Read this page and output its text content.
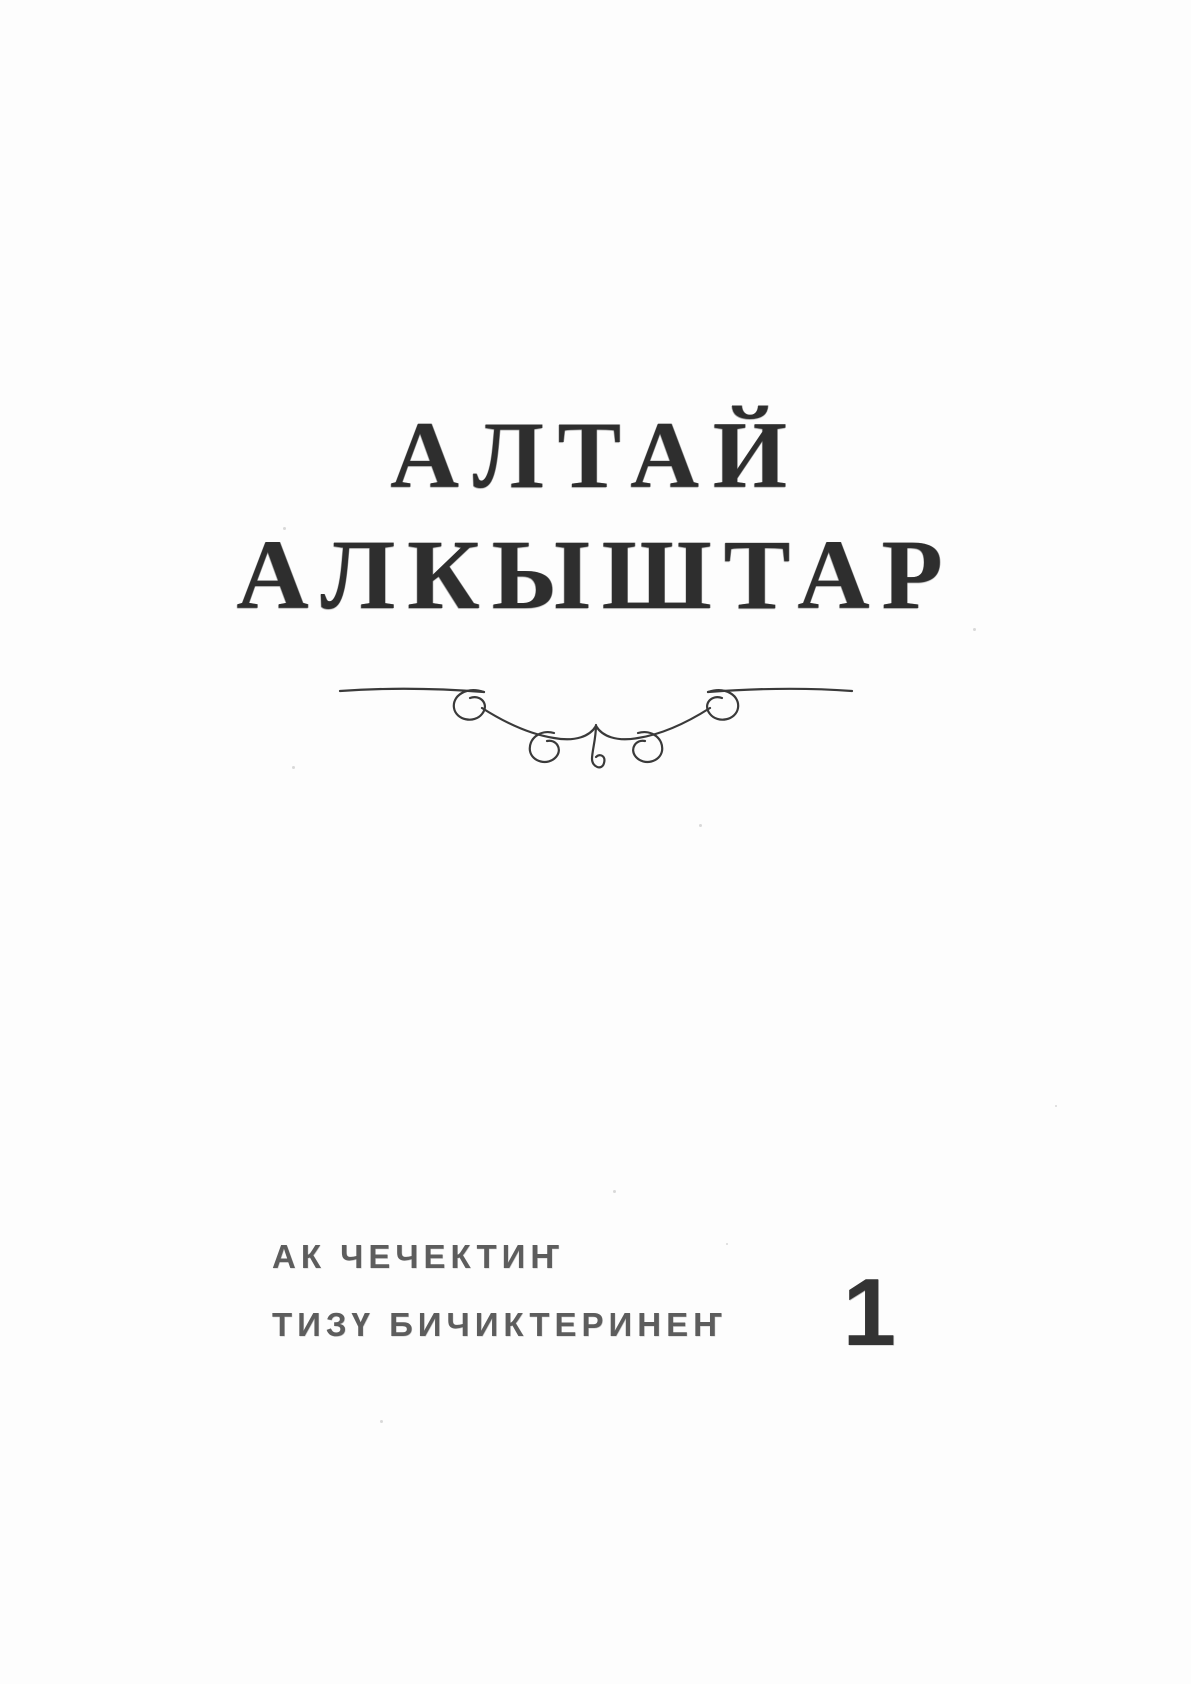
АЛТАЙ
АЛКЫШТАР
АК ЧЕЧЕКТИҤ
ТИЗҮ БИЧИКТЕРИНЕҤ 1
